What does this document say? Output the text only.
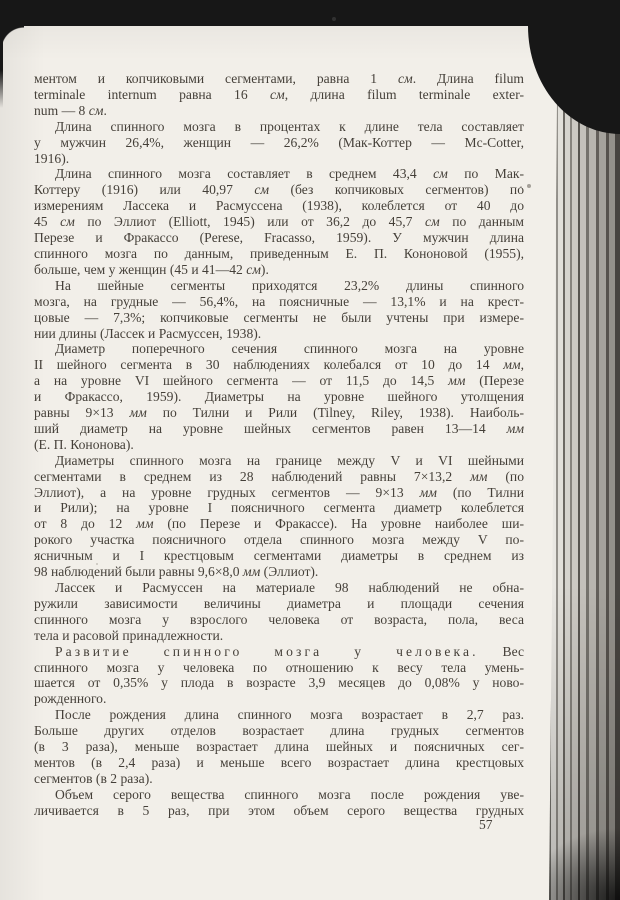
ментом и копчиковыми сегментами, равна 1 см. Длина filum
terminale internum равна 16 см, длина filum terminale exter-
num — 8 см.
Длина спинного мозга в процентах к длине тела составляет
у мужчин 26,4%, женщин — 26,2% (Мак-Коттер — Mc-Cotter,
1916).
Длина спинного мозга составляет в среднем 43,4 см по Мак-
Коттеру (1916) или 40,97 см (без копчиковых сегментов) по
измерениям Лассека и Расмуссена (1938), колеблется от 40 до
45 см по Эллиот (Elliott, 1945) или от 36,2 до 45,7 см по данным
Перезе и Фракассо (Perese, Fracasso, 1959). У мужчин длина
спинного мозга по данным, приведенным Е. П. Кононовой (1955),
больше, чем у женщин (45 и 41—42 см).
На шейные сегменты приходятся 23,2% длины спинного
мозга, на грудные — 56,4%, на поясничные — 13,1% и на крест-
цовые — 7,3%; копчиковые сегменты не были учтены при измере-
нии длины (Лассек и Расмуссен, 1938).
Диаметр поперечного сечения спинного мозга на уровне
II шейного сегмента в 30 наблюдениях колебался от 10 до 14 мм,
а на уровне VI шейного сегмента — от 11,5 до 14,5 мм (Перезе
и Фракассо, 1959). Диаметры на уровне шейного утолщения
равны 9×13 мм по Тилни и Рили (Tilney, Riley, 1938). Наиболь-
ший диаметр на уровне шейных сегментов равен 13—14 мм
(Е. П. Кононова).
Диаметры спинного мозга на границе между V и VI шейными
сегментами в среднем из 28 наблюдений равны 7×13,2 мм (по
Эллиот), а на уровне грудных сегментов — 9×13 мм (по Тилни
и Рили); на уровне I поясничного сегмента диаметр колеблется
от 8 до 12 мм (по Перезе и Фракассе). На уровне наиболее ши-
рокого участка поясничного отдела спинного мозга между V по-
ясничным и I крестцовым сегментами диаметры в среднем из
98 наблюдений были равны 9,6×8,0 мм (Эллиот).
Лассек и Расмуссен на материале 98 наблюдений не обна-
ружили зависимости величины диаметра и площади сечения
спинного мозга у взрослого человека от возраста, пола, веса
тела и расовой принадлежности.
Развитие спинного мозга у человека. Вес
спинного мозга у человека по отношению к весу тела умень-
шается от 0,35% у плода в возрасте 3,9 месяцев до 0,08% у ново-
рожденного.
После рождения длина спинного мозга возрастает в 2,7 раз.
Больше других отделов возрастает длина грудных сегментов
(в 3 раза), меньше возрастает длина шейных и поясничных сег-
ментов (в 2,4 раза) и меньше всего возрастает длина крестцовых
сегментов (в 2 раза).
Объем серого вещества спинного мозга после рождения уве-
личивается в 5 раз, при этом объем серого вещества грудных
57
